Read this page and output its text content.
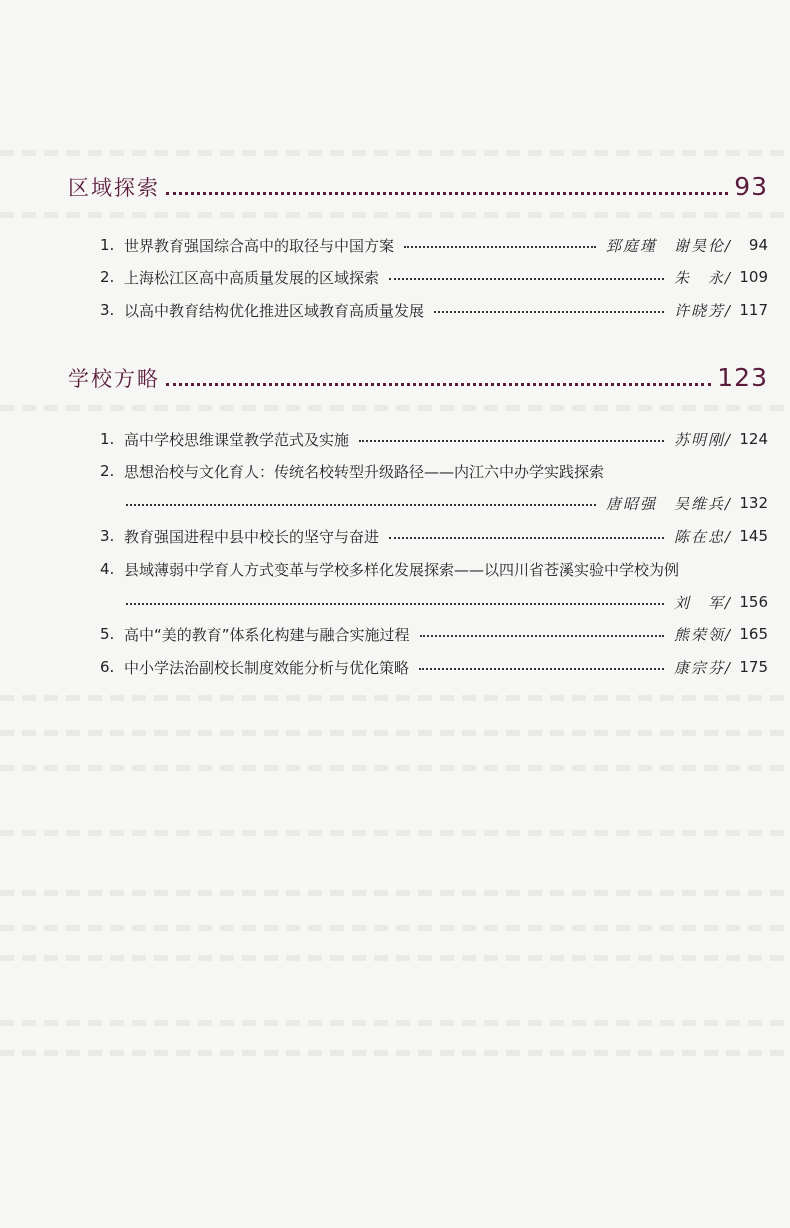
区域探索	93
1. 世界教育强国综合高中的取径与中国方案	郅庭瑾　谢昊伦/	94
2. 上海松江区高中高质量发展的区域探索	朱　永/ 109
3. 以高中教育结构优化推进区域教育高质量发展	许晓芳/ 117
学校方略	123
1. 高中学校思维课堂教学范式及实施	苏明刚/ 124
2. 思想治校与文化育人：传统名校转型升级路径——内江六中办学实践探索
唐昭强　吴维兵/ 132
3. 教育强国进程中县中校长的坚守与奋进	陈在忠/ 145
4. 县域薄弱中学育人方式变革与学校多样化发展探索——以四川省苍溪实验中学校为例
刘　军/ 156
5. 高中“美的教育”体系化构建与融合实施过程	熊荣领/ 165
6. 中小学法治副校长制度效能分析与优化策略	康宗芬/ 175
